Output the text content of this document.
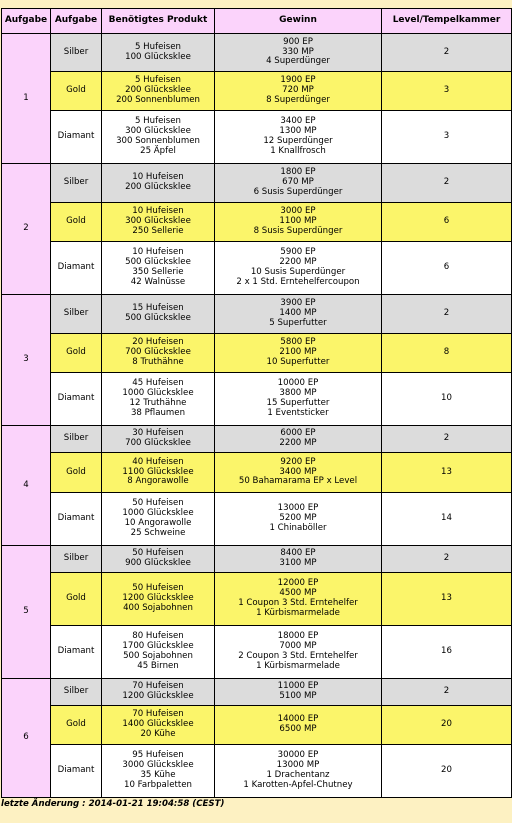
Aufgabe	Aufgabe	Benötigtes Produkt	Gewinn	Level/Tempelkammer
1	Silber	5 Hufeisen
100 Glücksklee	900 EP
330 MP
4 Superdünger	2
	Gold	5 Hufeisen
200 Glücksklee
200 Sonnenblumen	1900 EP
720 MP
8 Superdünger	3
	Diamant	5 Hufeisen
300 Glücksklee
300 Sonnenblumen
25 Äpfel	3400 EP
1300 MP
12 Superdünger
1 Knallfrosch	3
2	Silber	10 Hufeisen
200 Glücksklee	1800 EP
670 MP
6 Susis Superdünger	2
	Gold	10 Hufeisen
300 Glücksklee
250 Sellerie	3000 EP
1100 MP
8 Susis Superdünger	6
	Diamant	10 Hufeisen
500 Glücksklee
350 Sellerie
42 Walnüsse	5900 EP
2200 MP
10 Susis Superdünger
2 x 1 Std. Erntehelfercoupon	6
3	Silber	15 Hufeisen
500 Glücksklee	3900 EP
1400 MP
5 Superfutter	2
	Gold	20 Hufeisen
700 Glücksklee
8 Truthähne	5800 EP
2100 MP
10 Superfutter	8
	Diamant	45 Hufeisen
1000 Glücksklee
12 Truthähne
38 Pflaumen	10000 EP
3800 MP
15 Superfutter
1 Eventsticker	10
4	Silber	30 Hufeisen
700 Glücksklee	6000 EP
2200 MP	2
	Gold	40 Hufeisen
1100 Glücksklee
8 Angorawolle	9200 EP
3400 MP
50 Bahamarama EP x Level	13
	Diamant	50 Hufeisen
1000 Glücksklee
10 Angorawolle
25 Schweine	13000 EP
5200 MP
1 Chinaböller	14
5	Silber	50 Hufeisen
900 Glücksklee	8400 EP
3100 MP	2
	Gold	50 Hufeisen
1200 Glücksklee
400 Sojabohnen	12000 EP
4500 MP
1 Coupon 3 Std. Erntehelfer
1 Kürbismarmelade	13
	Diamant	80 Hufeisen
1700 Glücksklee
500 Sojabohnen
45 Birnen	18000 EP
7000 MP
2 Coupon 3 Std. Erntehelfer
1 Kürbismarmelade	16
6	Silber	70 Hufeisen
1200 Glücksklee	11000 EP
5100 MP	2
	Gold	70 Hufeisen
1400 Glücksklee
20 Kühe	14000 EP
6500 MP	20
	Diamant	95 Hufeisen
3000 Glücksklee
35 Kühe
10 Farbpaletten	30000 EP
13000 MP
1 Drachentanz
1 Karotten-Apfel-Chutney	20
letzte Änderung : 2014-01-21 19:04:58 (CEST)
